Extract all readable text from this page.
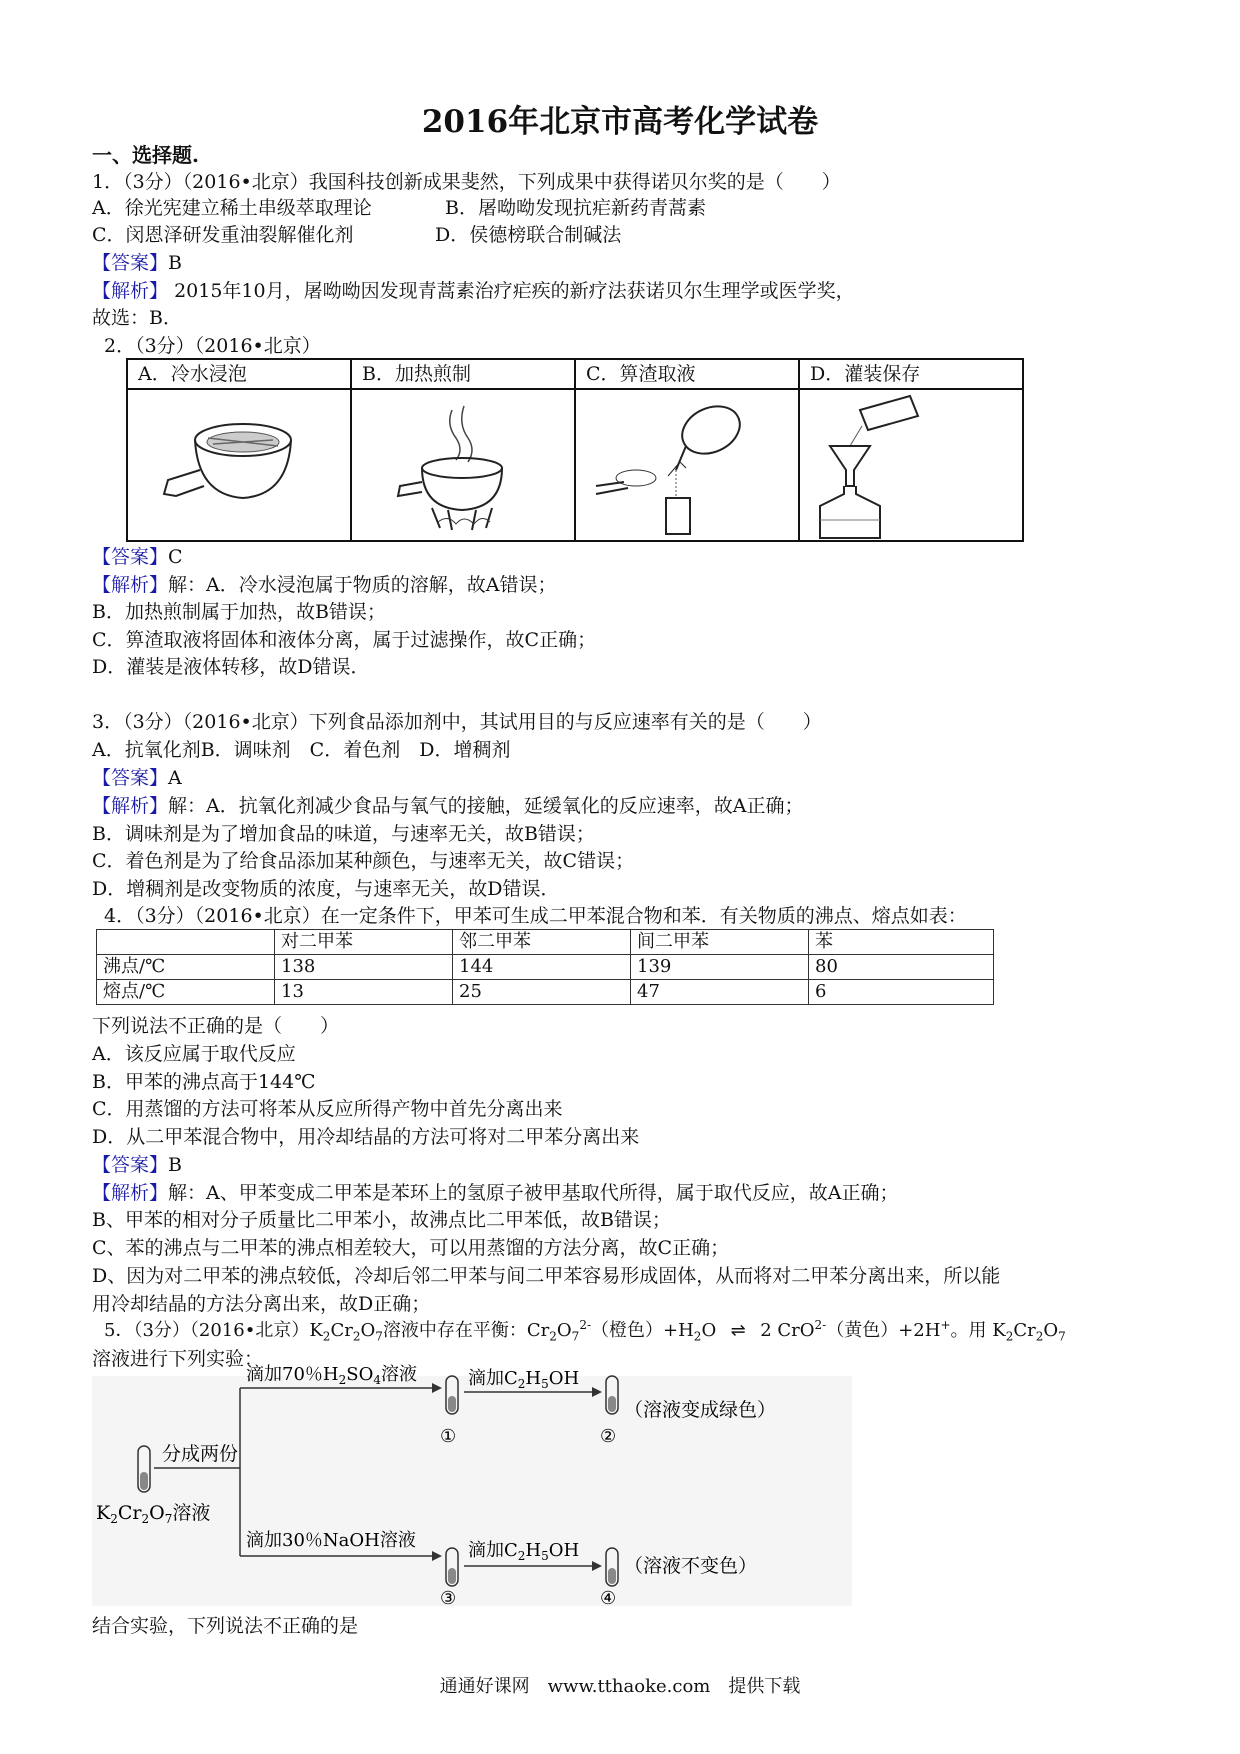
2016年北京市高考化学试卷
一、选择题.
1．（3分）（2016•北京）我国科技创新成果斐然，下列成果中获得诺贝尔奖的是（　　）
A．徐光宪建立稀土串级萃取理论	B．屠呦呦发现抗疟新药青蒿素
C．闵恩泽研发重油裂解催化剂	D．侯德榜联合制碱法
【答案】B
【解析】 2015年10月，屠呦呦因发现青蒿素治疗疟疾的新疗法获诺贝尔生理学或医学奖，
故选：B．
2．（3分）（2016•北京）
A．冷水浸泡	B．加热煎制	C．箅渣取液	D．灌装保存
【答案】C
【解析】解：A．冷水浸泡属于物质的溶解，故A错误；
B．加热煎制属于加热，故B错误；
C．箅渣取液将固体和液体分离，属于过滤操作，故C正确；
D．灌装是液体转移，故D错误．
3．（3分）（2016•北京）下列食品添加剂中，其试用目的与反应速率有关的是（　　）
A．抗氧化剂B．调味剂　C．着色剂　D．增稠剂
【答案】A
【解析】解：A．抗氧化剂减少食品与氧气的接触，延缓氧化的反应速率，故A正确；
B．调味剂是为了增加食品的味道，与速率无关，故B错误；
C．着色剂是为了给食品添加某种颜色，与速率无关，故C错误；
D．增稠剂是改变物质的浓度，与速率无关，故D错误．
4．（3分）（2016•北京）在一定条件下，甲苯可生成二甲苯混合物和苯．有关物质的沸点、熔点如表：
	对二甲苯	邻二甲苯	间二甲苯	苯
沸点/℃	138	144	139	80
熔点/℃	13	25	47	6
下列说法不正确的是（　　）
A．该反应属于取代反应
B．甲苯的沸点高于144℃
C．用蒸馏的方法可将苯从反应所得产物中首先分离出来
D．从二甲苯混合物中，用冷却结晶的方法可将对二甲苯分离出来
【答案】B
【解析】解：A、甲苯变成二甲苯是苯环上的氢原子被甲基取代所得，属于取代反应，故A正确；
B、甲苯的相对分子质量比二甲苯小，故沸点比二甲苯低，故B错误；
C、苯的沸点与二甲苯的沸点相差较大，可以用蒸馏的方法分离，故C正确；
D、因为对二甲苯的沸点较低，冷却后邻二甲苯与间二甲苯容易形成固体，从而将对二甲苯分离出来，所以能
用冷却结晶的方法分离出来，故D正确；
5．（3分）（2016•北京）$K_2Cr_2O_7$溶液中存在平衡：$Cr_2O_7^{2-}$（橙色）$+H_2O$ ⇌ 2 CrO$^{2-}$（黄色）+2H+。用 $K_2Cr_2O_7$
溶液进行下列实验：
$K_2Cr_2O_7$溶液
分成两份
滴加70％$H_2SO_4$溶液
滴加30％NaOH溶液
①
③
滴加$C_2H_5OH$
滴加$C_2H_5OH$
②
④
（溶液变成绿色）
（溶液不变色）
结合实验，下列说法不正确的是
通通好课网　www.tthaoke.com　提供下载
